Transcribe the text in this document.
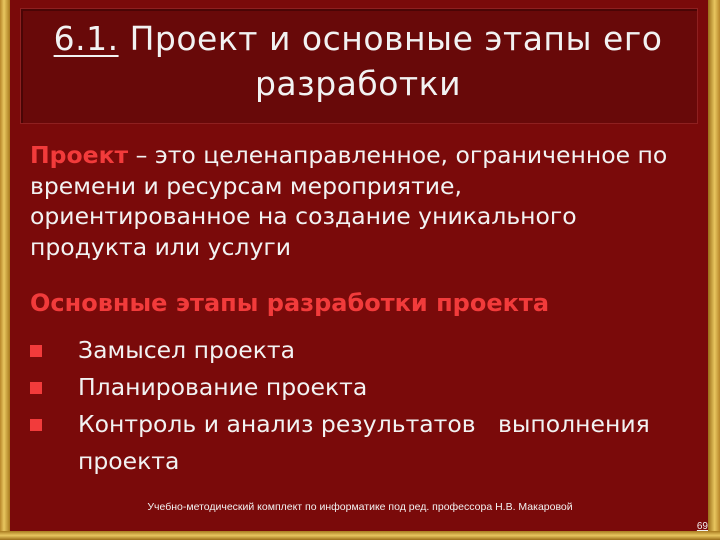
6.1. Проект и основные этапы его
разработки
Проект – это целенаправленное, ограниченное по времени и ресурсам мероприятие, ориентированное на создание уникального продукта или услуги
Основные этапы разработки проекта
Замысел проекта
Планирование проекта
Контроль и анализ результатов   выполнения проекта
Учебно-методический комплект по информатике под ред. профессора Н.В. Макаровой
69
